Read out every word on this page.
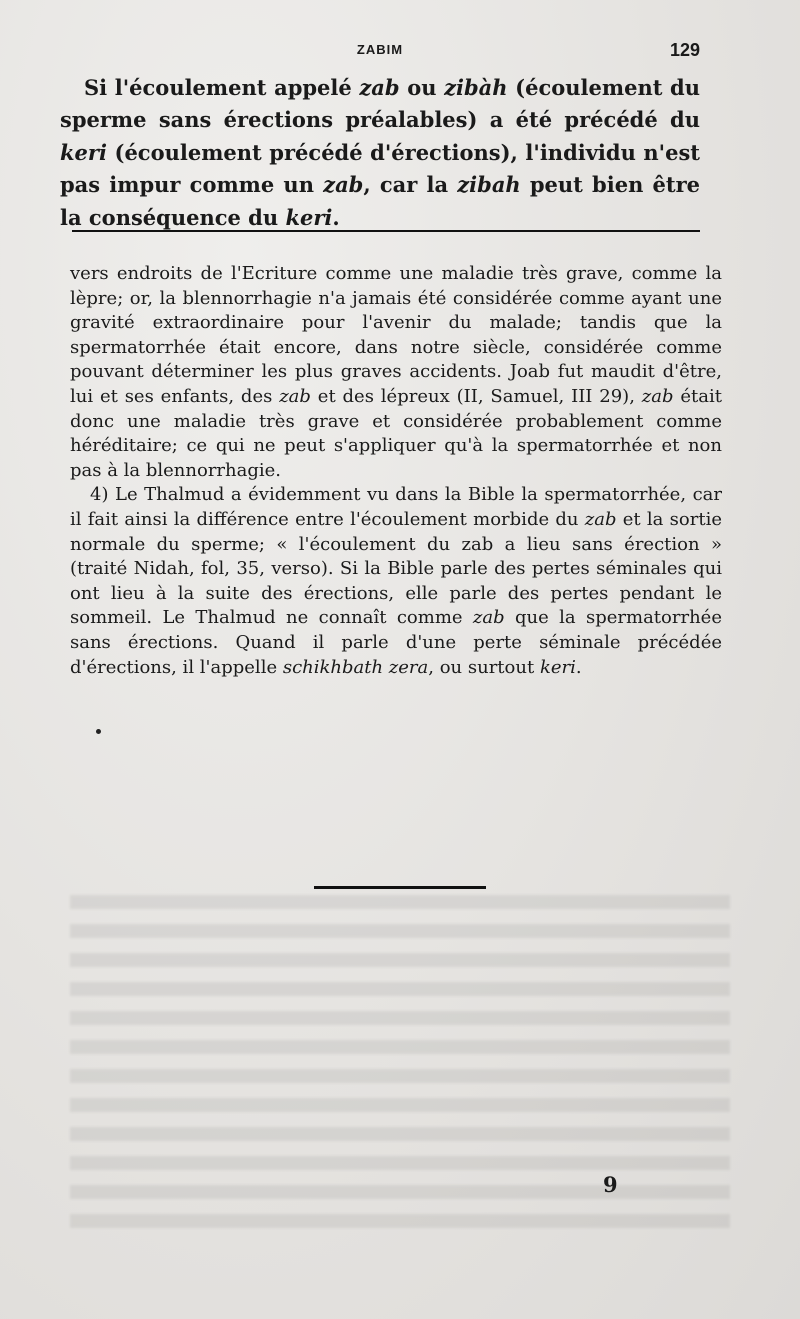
ZABIM	129

Si l'écoulement appelé zab ou zibàh (écoulement du sperme sans érections préalables) a été précédé du keri (écoulement précédé d'érections), l'individu n'est pas impur comme un zab, car la zibah peut bien être la conséquence du keri.

vers endroits de l'Ecriture comme une maladie très grave, comme la lèpre; or, la blennorrhagie n'a jamais été considérée comme ayant une gravité extraordinaire pour l'avenir du malade; tandis que la spermatorrhée était encore, dans notre siècle, considérée comme pouvant déterminer les plus graves accidents. Joab fut maudit d'être, lui et ses enfants, des zab et des lépreux (II, Samuel, III 29), zab était donc une maladie très grave et considérée probablement comme héréditaire; ce qui ne peut s'appliquer qu'à la spermatorrhée et non pas à la blennorrhagie.

4) Le Thalmud a évidemment vu dans la Bible la spermatorrhée, car il fait ainsi la différence entre l'écoulement morbide du zab et la sortie normale du sperme; « l'écoulement du zab a lieu sans érection » (traité Nidah, fol, 35, verso). Si la Bible parle des pertes séminales qui ont lieu à la suite des érections, elle parle des pertes pendant le sommeil. Le Thalmud ne connaît comme zab que la spermatorrhée sans érections. Quand il parle d'une perte séminale précédée d'érections, il l'appelle schikhbath zera, ou surtout keri.

9
